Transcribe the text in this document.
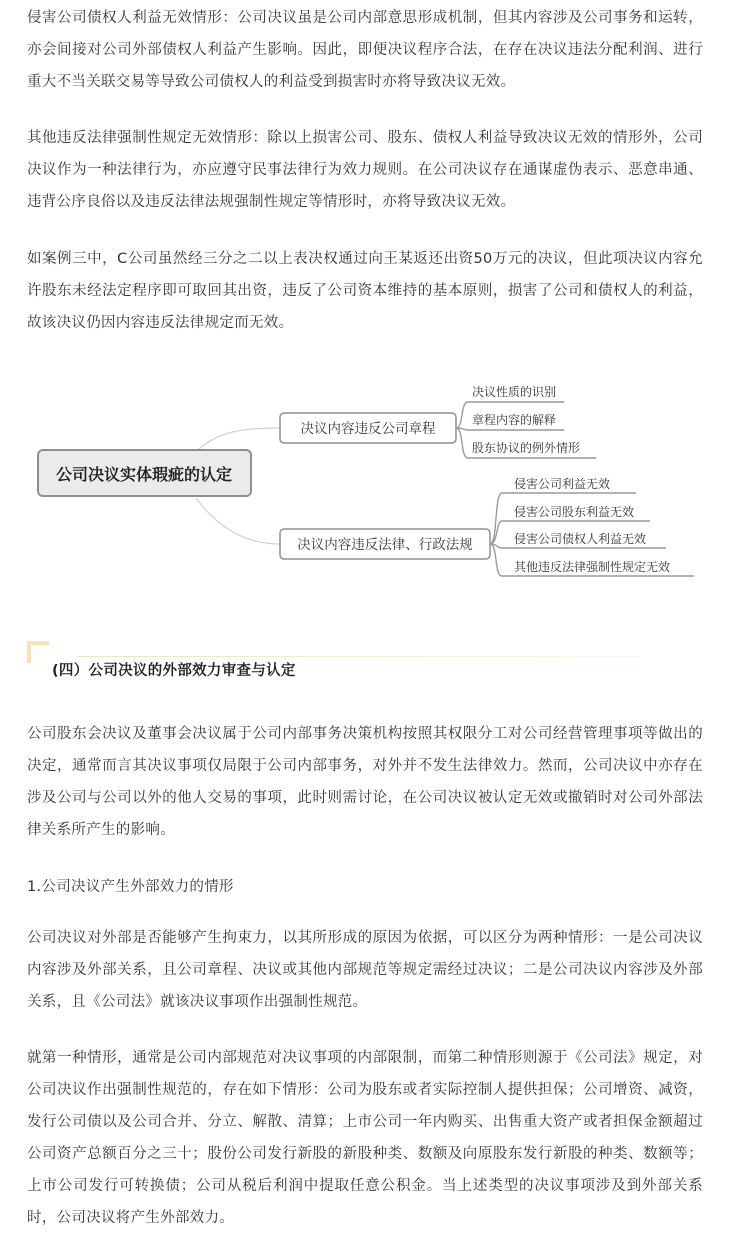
侵害公司债权人利益无效情形：公司决议虽是公司内部意思形成机制，但其内容涉及公司事务和运转，亦会间接对公司外部债权人利益产生影响。因此，即便决议程序合法，在存在决议违法分配利润、进行重大不当关联交易等导致公司债权人的利益受到损害时亦将导致决议无效。

其他违反法律强制性规定无效情形：除以上损害公司、股东、债权人利益导致决议无效的情形外，公司决议作为一种法律行为，亦应遵守民事法律行为效力规则。在公司决议存在通谋虚伪表示、恶意串通、违背公序良俗以及违反法律法规强制性规定等情形时，亦将导致决议无效。

如案例三中，C公司虽然经三分之二以上表决权通过向王某返还出资50万元的决议，但此项决议内容允许股东未经法定程序即可取回其出资，违反了公司资本维持的基本原则，损害了公司和债权人的利益，故该决议仍因内容违反法律规定而无效。

公司决议实体瑕疵的认定
决议内容违反公司章程
决议内容违反法律、行政法规
决议性质的识别
章程内容的解释
股东协议的例外情形
侵害公司利益无效
侵害公司股东利益无效
侵害公司债权人利益无效
其他违反法律强制性规定无效
(四）公司决议的外部效力审查与认定

公司股东会决议及董事会决议属于公司内部事务决策机构按照其权限分工对公司经营管理事项等做出的决定，通常而言其决议事项仅局限于公司内部事务，对外并不发生法律效力。然而，公司决议中亦存在涉及公司与公司以外的他人交易的事项，此时则需讨论，在公司决议被认定无效或撤销时对公司外部法律关系所产生的影响。

1.公司决议产生外部效力的情形

公司决议对外部是否能够产生拘束力，以其所形成的原因为依据，可以区分为两种情形：一是公司决议内容涉及外部关系，且公司章程、决议或其他内部规范等规定需经过决议；二是公司决议内容涉及外部关系，且《公司法》就该决议事项作出强制性规范。

就第一种情形，通常是公司内部规范对决议事项的内部限制，而第二种情形则源于《公司法》规定，对公司决议作出强制性规范的，存在如下情形：公司为股东或者实际控制人提供担保；公司增资、减资，发行公司债以及公司合并、分立、解散、清算；上市公司一年内购买、出售重大资产或者担保金额超过公司资产总额百分之三十；股份公司发行新股的新股种类、数额及向原股东发行新股的种类、数额等；上市公司发行可转换债；公司从税后利润中提取任意公积金。当上述类型的决议事项涉及到外部关系时，公司决议将产生外部效力。
